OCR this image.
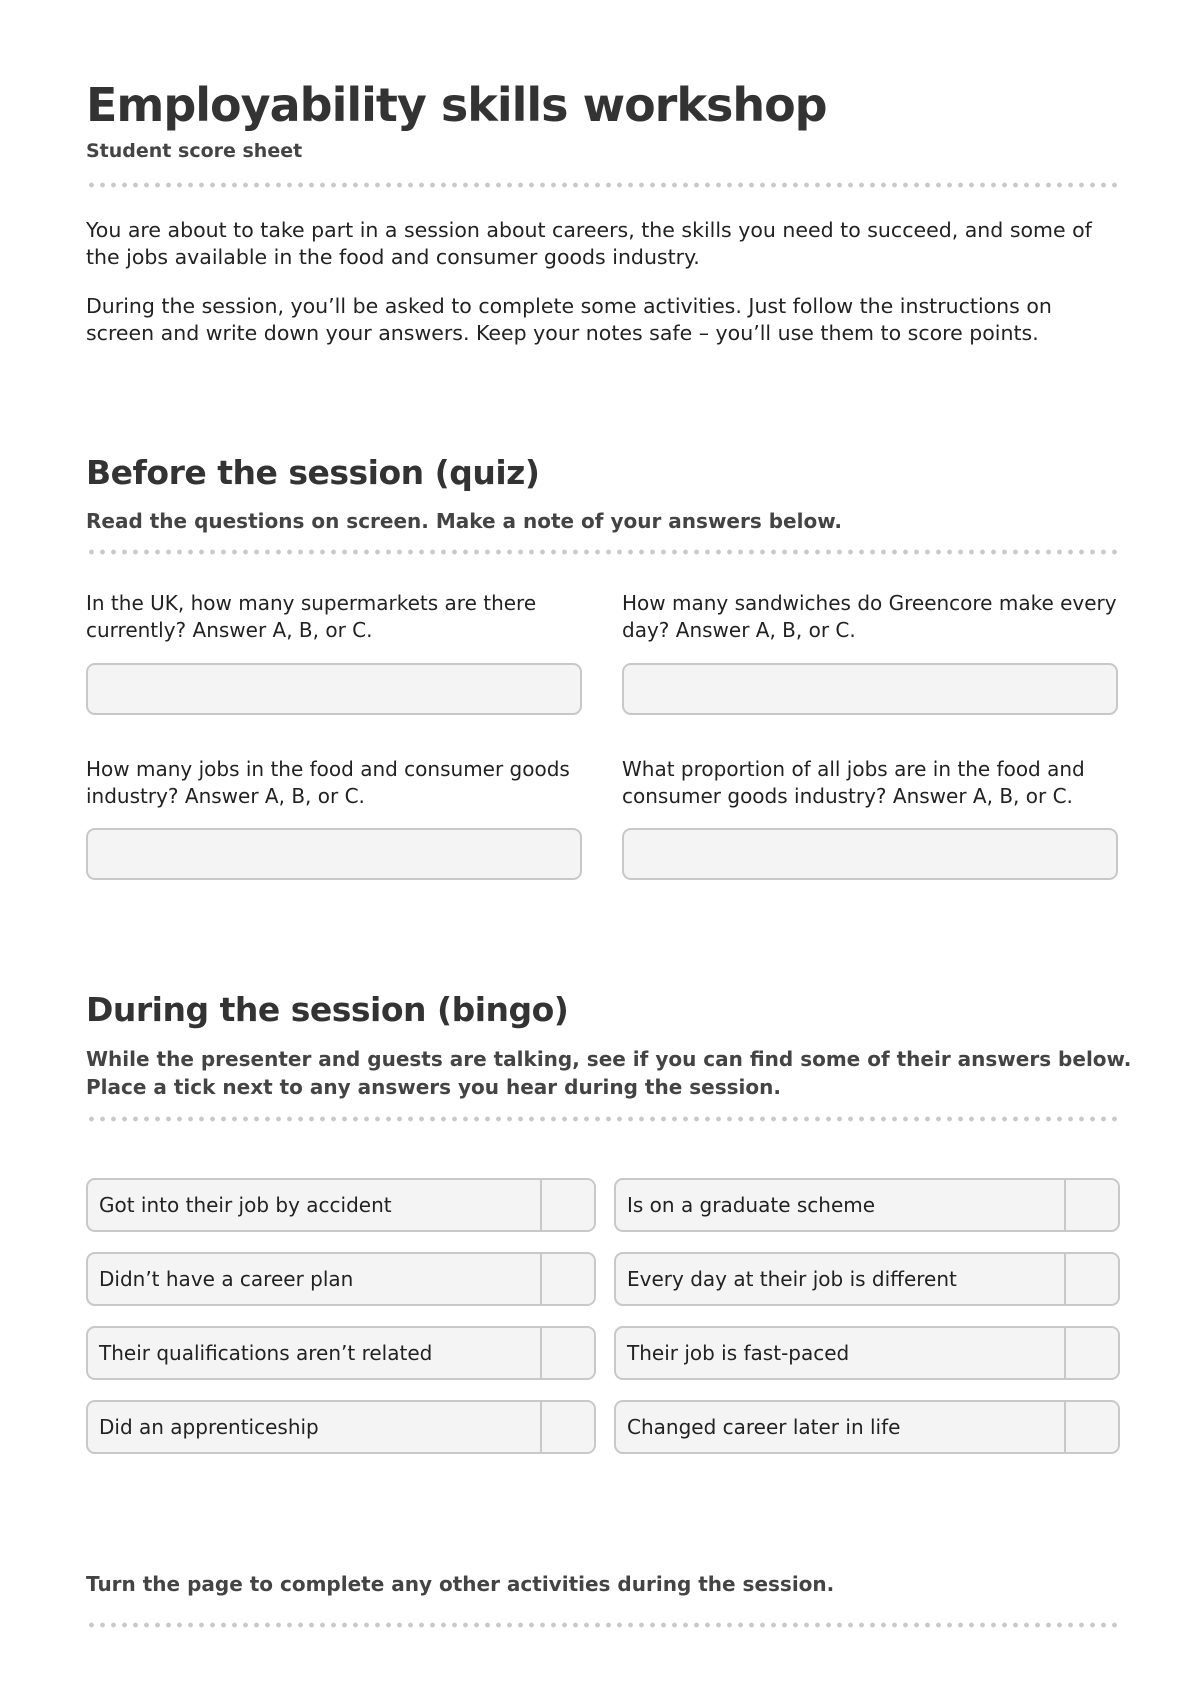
Employability skills workshop
Student score sheet

You are about to take part in a session about careers, the skills you need to succeed, and some of the jobs available in the food and consumer goods industry.

During the session, you’ll be asked to complete some activities. Just follow the instructions on screen and write down your answers. Keep your notes safe – you’ll use them to score points.

Before the session (quiz)

Read the questions on screen. Make a note of your answers below.

In the UK, how many supermarkets are there currently? Answer A, B, or C.

How many sandwiches do Greencore make every day? Answer A, B, or C.

How many jobs in the food and consumer goods industry? Answer A, B, or C.

What proportion of all jobs are in the food and consumer goods industry? Answer A, B, or C.

During the session (bingo)

While the presenter and guests are talking, see if you can find some of their answers below. Place a tick next to any answers you hear during the session.

Got into their job by accident	Is on a graduate scheme
Didn’t have a career plan	Every day at their job is different
Their qualifications aren’t related	Their job is fast-paced
Did an apprenticeship	Changed career later in life

Turn the page to complete any other activities during the session.
